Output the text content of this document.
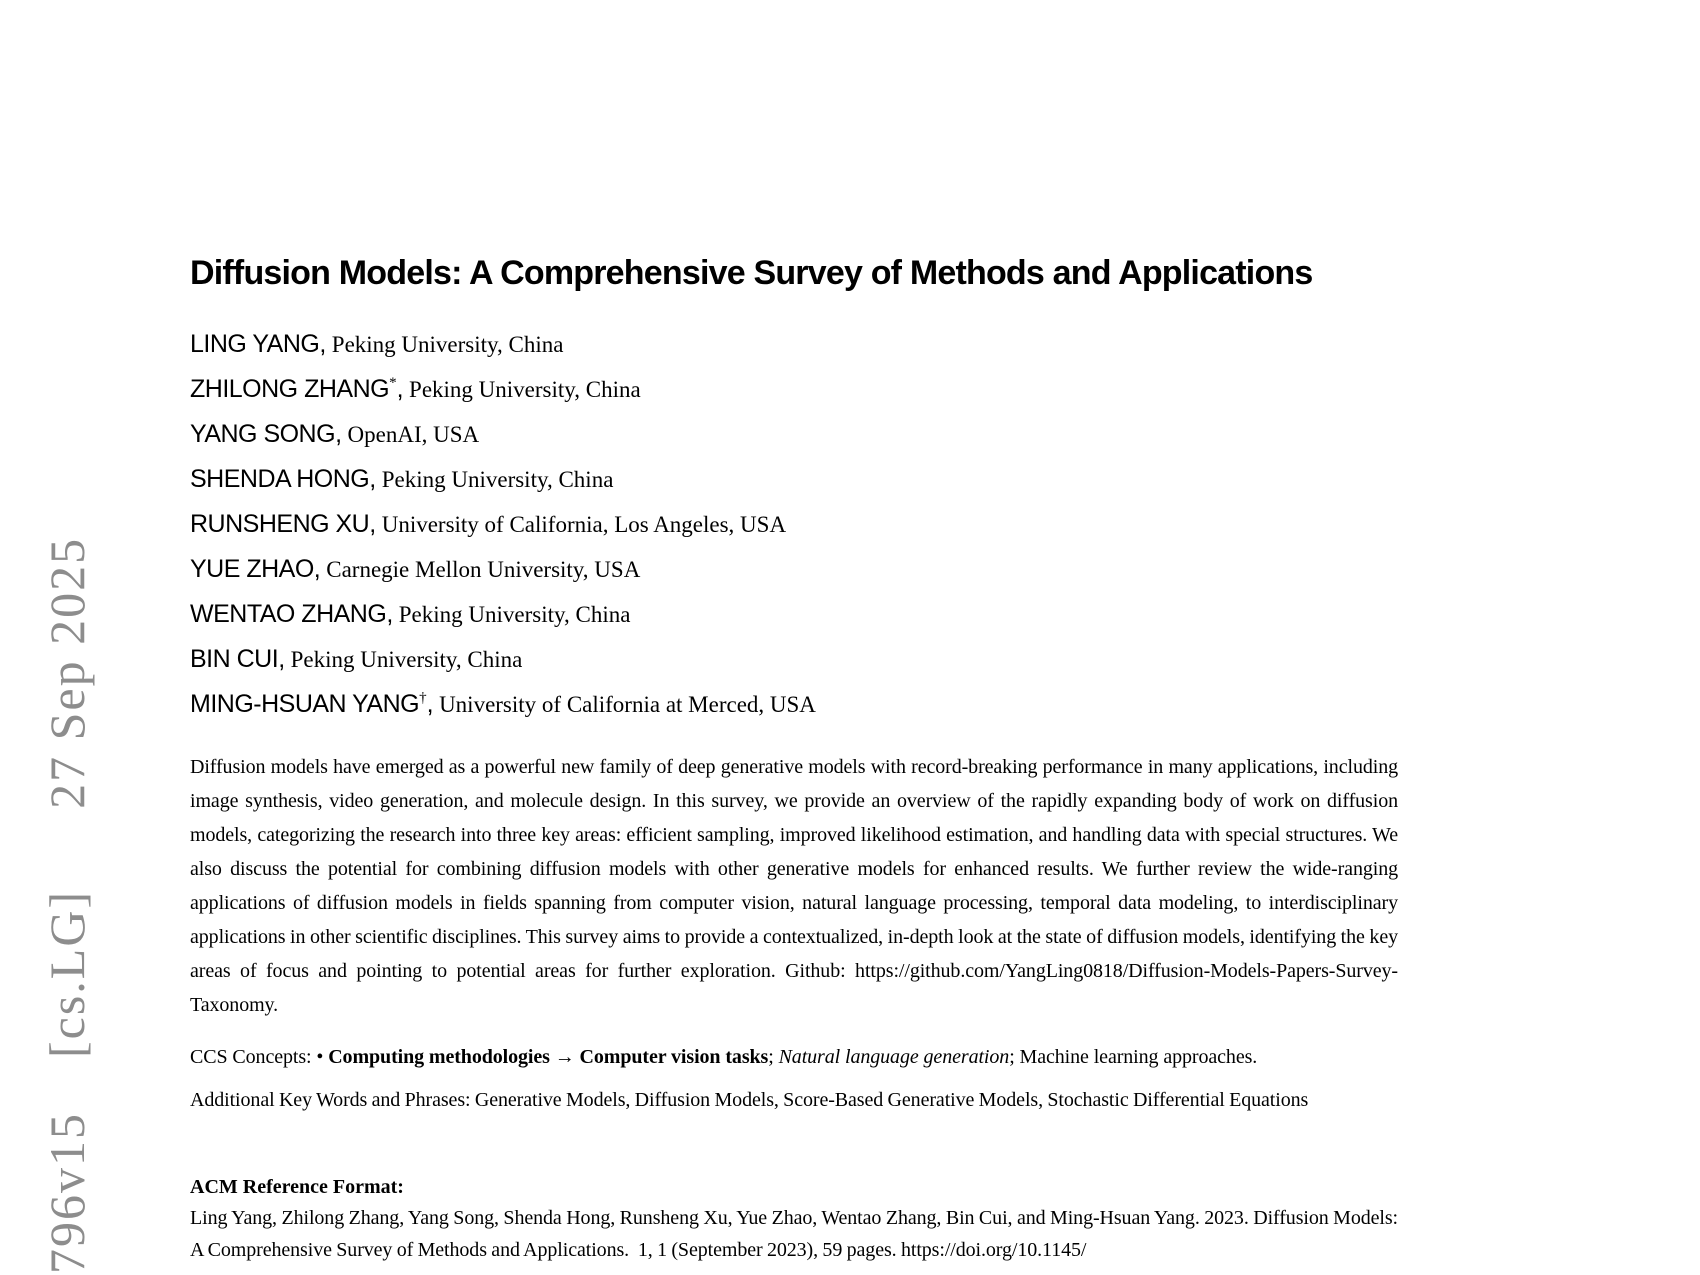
796v15  [cs.LG]   27 Sep 2025
Diffusion Models: A Comprehensive Survey of Methods and Applications
LING YANG, Peking University, China
ZHILONG ZHANG*, Peking University, China
YANG SONG, OpenAI, USA
SHENDA HONG, Peking University, China
RUNSHENG XU, University of California, Los Angeles, USA
YUE ZHAO, Carnegie Mellon University, USA
WENTAO ZHANG, Peking University, China
BIN CUI, Peking University, China
MING-HSUAN YANG†, University of California at Merced, USA

Diffusion models have emerged as a powerful new family of deep generative models with record-breaking performance in many applications, including image synthesis, video generation, and molecule design. In this survey, we provide an overview of the rapidly expanding body of work on diffusion models, categorizing the research into three key areas: efficient sampling, improved likelihood estimation, and handling data with special structures. We also discuss the potential for combining diffusion models with other generative models for enhanced results. We further review the wide-ranging applications of diffusion models in fields spanning from computer vision, natural language processing, temporal data modeling, to interdisciplinary applications in other scientific disciplines. This survey aims to provide a contextualized, in-depth look at the state of diffusion models, identifying the key areas of focus and pointing to potential areas for further exploration. Github: https://github.com/YangLing0818/Diffusion-Models-Papers-Survey-Taxonomy.

CCS Concepts: • Computing methodologies → Computer vision tasks; Natural language generation; Machine learning approaches.

Additional Key Words and Phrases: Generative Models, Diffusion Models, Score-Based Generative Models, Stochastic Differential Equations

ACM Reference Format:

Ling Yang, Zhilong Zhang, Yang Song, Shenda Hong, Runsheng Xu, Yue Zhao, Wentao Zhang, Bin Cui, and Ming-Hsuan Yang. 2023. Diffusion Models: A Comprehensive Survey of Methods and Applications.  1, 1 (September 2023), 59 pages. https://doi.org/10.1145/
